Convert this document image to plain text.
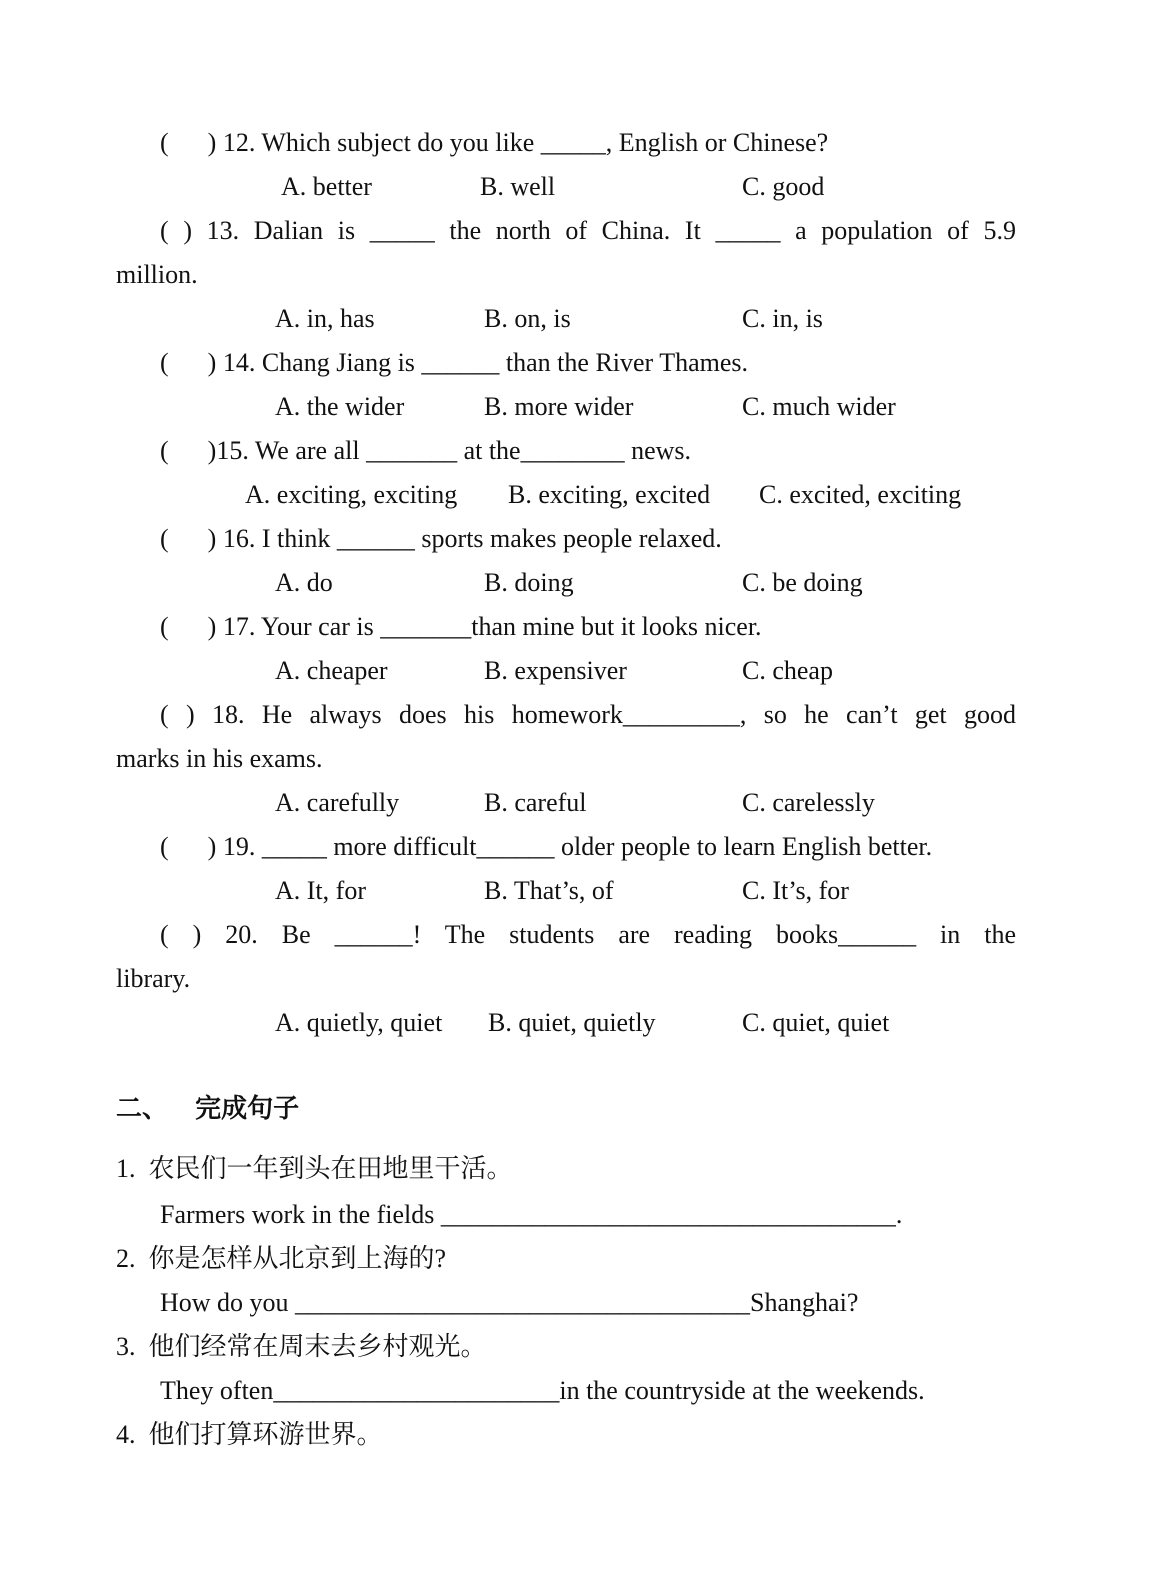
(      ) 12. Which subject do you like _____, English or Chinese?
A. better	B. well	C. good
( ) 13. Dalian is _____ the north of China. It _____ a population of 5.9
million.
A. in, has	B. on, is	C. in, is
(      ) 14. Chang Jiang is ______ than the River Thames.
A. the wider	B. more wider	C. much wider
(      )15. We are all _______ at the________ news.
A. exciting, exciting B. exciting, excited C. excited, exciting
(      ) 16. I think ______ sports makes people relaxed.
A. do	B. doing	C. be doing
(      ) 17. Your car is _______than mine but it looks nicer.
A. cheaper	B. expensiver	C. cheap
( ) 18. He always does his homework_________, so he can’t get good
marks in his exams.
A. carefully	B. careful	C. carelessly
(      ) 19. _____ more difficult______ older people to learn English better.
A. It, for	B. That’s, of	C. It’s, for
( ) 20. Be ______! The students are reading books______ in the
library.
A. quietly, quiet B. quiet, quietly	C. quiet, quiet
二、   完成句子
1.  农民们一年到头在田地里干活。
Farmers work in the fields ___________________________________.
2.  你是怎样从北京到上海的?
How do you ___________________________________Shanghai?
3.  他们经常在周末去乡村观光。
They often______________________in the countryside at the weekends.
4.  他们打算环游世界。
